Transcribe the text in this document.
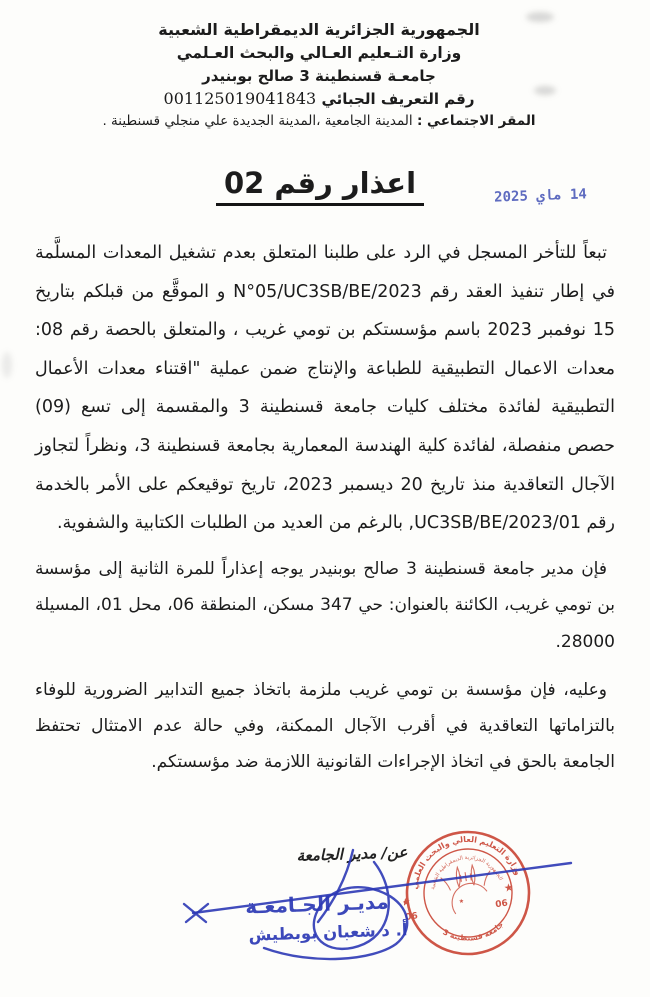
الجمهورية الجزائرية الديمقراطية الشعبية
وزارة التـعليم العـالي والبحث العـلمي
جامعـة قسنطينة 3 صالح بوبنيدر
رقم التعريف الجبائي 001125019041843
المقر الاجتماعي : المدينة الجامعية ،المدينة الجديدة علي منجلي قسنطينة .
اعذار رقم 02	14 ماي 2025

تبعاً للتأخر المسجل في الرد على طلبنا المتعلق بعدم تشغيل المعدات المسلَّمة في إطار تنفيذ العقد رقم N°05/UC3SB/BE/2023 و الموقَّع من قبلكم بتاريخ 15 نوفمبر 2023 باسم مؤسستكم بن تومي غريب ، والمتعلق بالحصة رقم 08: معدات الاعمال التطبيقية للطباعة والإنتاج ضمن عملية "اقتناء معدات الأعمال التطبيقية لفائدة مختلف كليات جامعة قسنطينة 3 والمقسمة إلى تسع (09) حصص منفصلة، لفائدة كلية الهندسة المعمارية بجامعة قسنطينة 3، ونظراً لتجاوز الآجال التعاقدية منذ تاريخ 20 ديسمبر 2023، تاريخ توقيعكم على الأمر بالخدمة رقم 01/UC3SB/BE/2023, بالرغم من العديد من الطلبات الكتابية والشفوية.

فإن مدير جامعة قسنطينة 3 صالح بوبنيدر يوجه إعذاراً للمرة الثانية إلى مؤسسة بن تومي غريب، الكائنة بالعنوان: حي 347 مسكن، المنطقة 06، محل 01، المسيلة 28000.

وعليه، فإن مؤسسة بن تومي غريب ملزمة باتخاذ جميع التدابير الضرورية للوفاء بالتزاماتها التعاقدية في أقرب الآجال الممكنة، وفي حالة عدم الامتثال تحتفظ الجامعة بالحق في اتخاذ الإجراءات القانونية اللازمة ضد مؤسستكم.

عن/ مدير الجامعة
مديـر الجـامعـة
أ. د شعبان بوبطيش
وزارة التعليم العالي والبحث العلمي
جامعة قسنطينة 3
الجمهورية الجزائرية الديمقراطية الشعبية
★
★
06
06
★
